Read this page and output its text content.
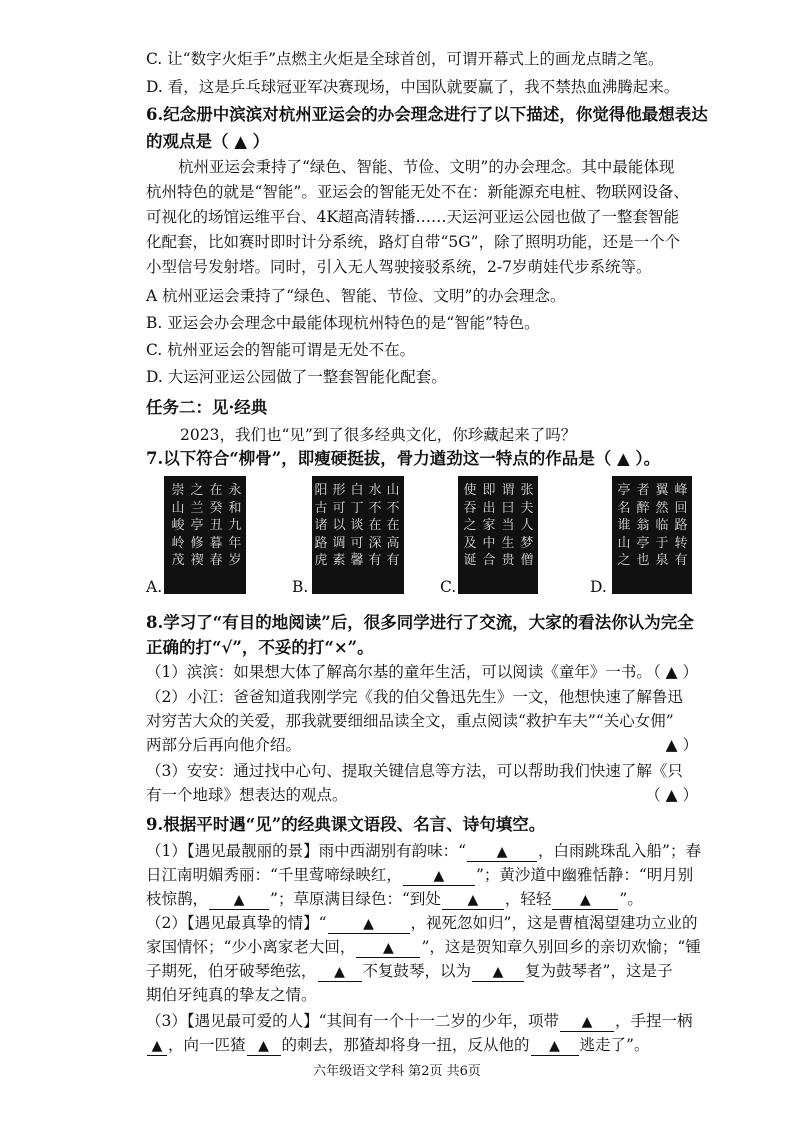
C. 让“数字火炬手”点燃主火炬是全球首创，可谓开幕式上的画龙点睛之笔。
D. 看，这是乒乓球冠亚军决赛现场，中国队就要赢了，我不禁热血沸腾起来。
6.纪念册中滨滨对杭州亚运会的办会理念进行了以下描述，你觉得他最想表达
的观点是（ ▲ ）
杭州亚运会秉持了“绿色、智能、节俭、文明”的办会理念。其中最能体现
杭州特色的就是“智能”。亚运会的智能无处不在：新能源充电桩、物联网设备、
可视化的场馆运维平台、4K超高清转播……天运河亚运公园也做了一整套智能
化配套，比如赛时即时计分系统，路灯自带“5G”，除了照明功能，还是一个个
小型信号发射塔。同时，引入无人驾驶接驳系统，2-7岁萌娃代步系统等。
A 杭州亚运会秉持了“绿色、智能、节俭、文明”的办会理念。
B. 亚运会办会理念中最能体现杭州特色的是“智能”特色。
C. 杭州亚运会的智能可谓是无处不在。
D. 大运河亚运公园做了一整套智能化配套。
任务二：见·经典
2023，我们也“见”到了很多经典文化，你珍藏起来了吗？
7.以下符合“柳骨”，即瘦硬挺拔，骨力遒劲这一特点的作品是（ ▲ ）。
永和九年岁
在癸丑暮春
之兰亭修禊
崇山峻岭茂
山不在高有
水不在深有
白丁谈可馨
形可以调素
阳古诸路虎
张夫人梦僧
谓曰当生贵
即出家中合
使吞之及诞
峰回路转有
翼然临于泉
者醉翁亭也
亭名谁山之
A.	B.	C.	D.
8.学习了“有目的地阅读”后，很多同学进行了交流，大家的看法你认为完全
正确的打“√”，不妥的打“×”。
（1）滨滨：如果想大体了解高尔基的童年生活，可以阅读《童年》一书。
（ ▲ ）
（2）小江：爸爸知道我刚学完《我的伯父鲁迅先生》一文，他想快速了解鲁迅
对穷苦大众的关爱，那我就要细细品读全文，重点阅读“救护车夫”“关心女佣”
两部分后再向他介绍。	▲ ）
（3）安安：通过找中心句、提取关键信息等方法，可以帮助我们快速了解《只
有一个地球》想表达的观点。	（ ▲ ）
9.根据平时遇“见”的经典课文语段、名言、诗句填空。
（1）【遇见最靓丽的景】雨中西湖别有韵味：“ ▲ ，白雨跳珠乱入船”；春
日江南明媚秀丽：“千里莺啼绿映红， ▲ ”；黄沙道中幽雅恬静：“明月别
枝惊鹊， ▲ ”；草原满目绿色：“到处 ▲ ，轻轻 ▲ ”。
（2）【遇见最真挚的情】“	▲ ，视死忽如归”，这是曹植渴望建功立业的
家国情怀；“少小离家老大回， ▲ ”，这是贺知章久别回乡的亲切欢愉；“锺
子期死，伯牙破琴绝弦， ▲ 不复鼓琴，以为 ▲ 复为鼓琴者”，这是子
期伯牙纯真的挚友之情。
（3）【遇见最可爱的人】“其间有一个十一二岁的少年，项带 ▲ ，手捏一柄
▲ ，向一匹猹 ▲ 的刺去，那猹却将身一扭，反从他的 ▲ 逃走了”。
六年级语文学科 第2页 共6页
